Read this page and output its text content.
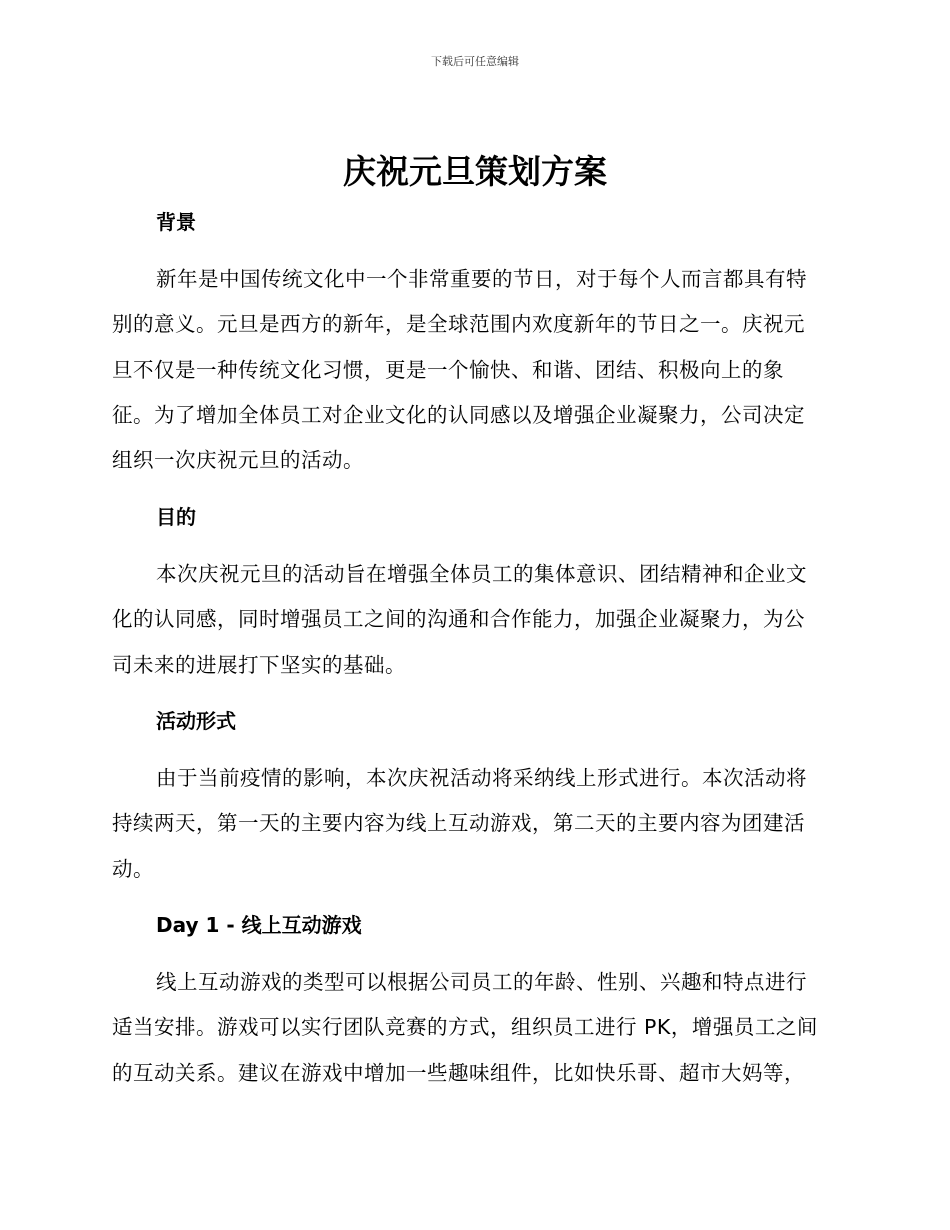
下载后可任意编辑
庆祝元旦策划方案
背景
新年是中国传统文化中一个非常重要的节日，对于每个人而言都具有特
别的意义。元旦是西方的新年，是全球范围内欢度新年的节日之一。庆祝元
旦不仅是一种传统文化习惯，更是一个愉快、和谐、团结、积极向上的象
征。为了增加全体员工对企业文化的认同感以及增强企业凝聚力，公司决定
组织一次庆祝元旦的活动。
目的
本次庆祝元旦的活动旨在增强全体员工的集体意识、团结精神和企业文
化的认同感，同时增强员工之间的沟通和合作能力，加强企业凝聚力，为公
司未来的进展打下坚实的基础。
活动形式
由于当前疫情的影响，本次庆祝活动将采纳线上形式进行。本次活动将
持续两天，第一天的主要内容为线上互动游戏，第二天的主要内容为团建活
动。
Day 1 - 线上互动游戏
线上互动游戏的类型可以根据公司员工的年龄、性别、兴趣和特点进行
适当安排。游戏可以实行团队竞赛的方式，组织员工进行 PK，增强员工之间
的互动关系。建议在游戏中增加一些趣味组件，比如快乐哥、超市大妈等，
